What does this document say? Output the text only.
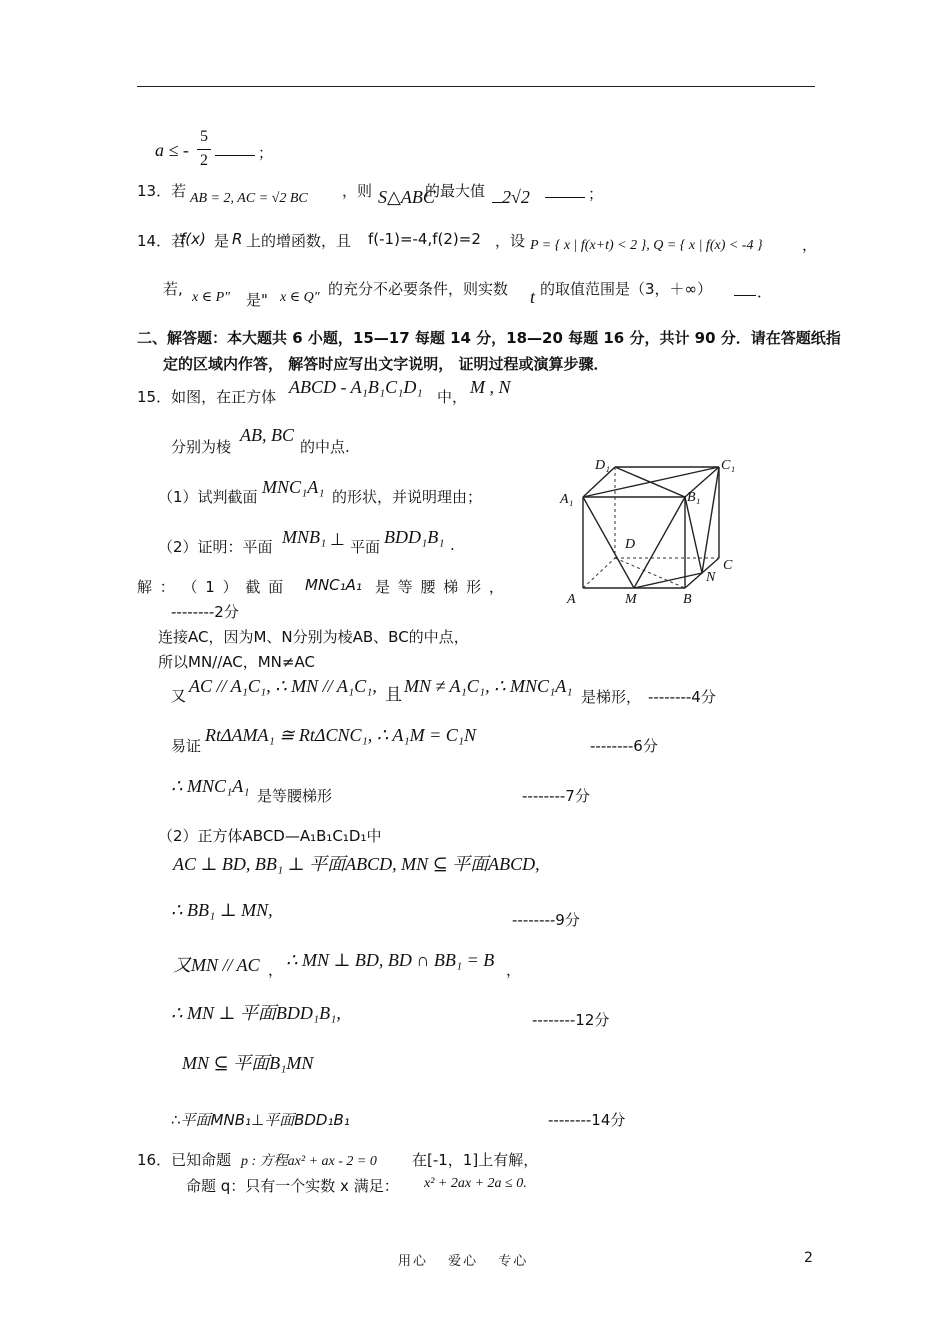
a ≤ -
5
2	；
13．若 AB = 2, AC = √2 BC ，则 S△ABC
的最大值 2√2	；
14．若
f(x) 是 R 上的增函数，且 f(-1)=-4,f(2)=2 ，设 P = { x | f(x+t) < 2 }, Q = { x | f(x) < -4 }	，
若, x ∈ P" 是" x ∈ Q" 的充分不必要条件，则实数 t 的取值范围是（3，＋∞）	．
二、解答题：本大题共 6 小题，15—17 每题 14 分，18—20 每题 16 分，共计 90 分．请在答题纸指
定的区域内作答， 解答时应写出文字说明， 证明过程或演算步骤．
15．如图，在正方体 ABCD - A₁B₁C₁D₁ 中， M , N
分别为棱
AB, BC
的中点.
（1）试判截面 MNC₁A₁ 的形状，并说明理由；
（2）证明：平面 MNB₁ ⊥ 平面 BDD₁B₁ .
D₁	C₁
A₁	B₁
D
C
N
A	M	B
解 ： （ 1 ） 截 面 MNC₁A₁ 是 等 腰 梯 形 ，
--------2分
连接AC，因为M、N分别为棱AB、BC的中点，
所以MN//AC，MN≠AC
又 AC // A₁C₁, ∴ MN // A₁C₁, 且 MN ≠ A₁C₁, ∴ MNC₁A₁
是梯形， --------4分
易证
RtΔAMA₁ ≅ RtΔCNC₁, ∴ A₁M = C₁N
--------6分
∴ MNC₁A₁ 是等腰梯形	--------7分
（2）正方体ABCD—A₁B₁C₁D₁中
AC ⊥ BD, BB₁ ⊥ 平面ABCD, MN ⊆ 平面ABCD,
∴ BB₁ ⊥ MN,	--------9分
又MN // AC ， ∴ MN ⊥ BD, BD ∩ BB₁ = B ，
∴ MN ⊥ 平面BDD₁B₁,	--------12分
MN ⊆ 平面B₁MN
∴平面MNB₁⊥平面BDD₁B₁	--------14分
16．已知命题 p : 方程ax² + ax - 2 = 0 在[-1，1]上有解，
命题 q：只有一个实数 x 满足： x² + 2ax + 2a ≤ 0.
用心 爱心 专心	2
